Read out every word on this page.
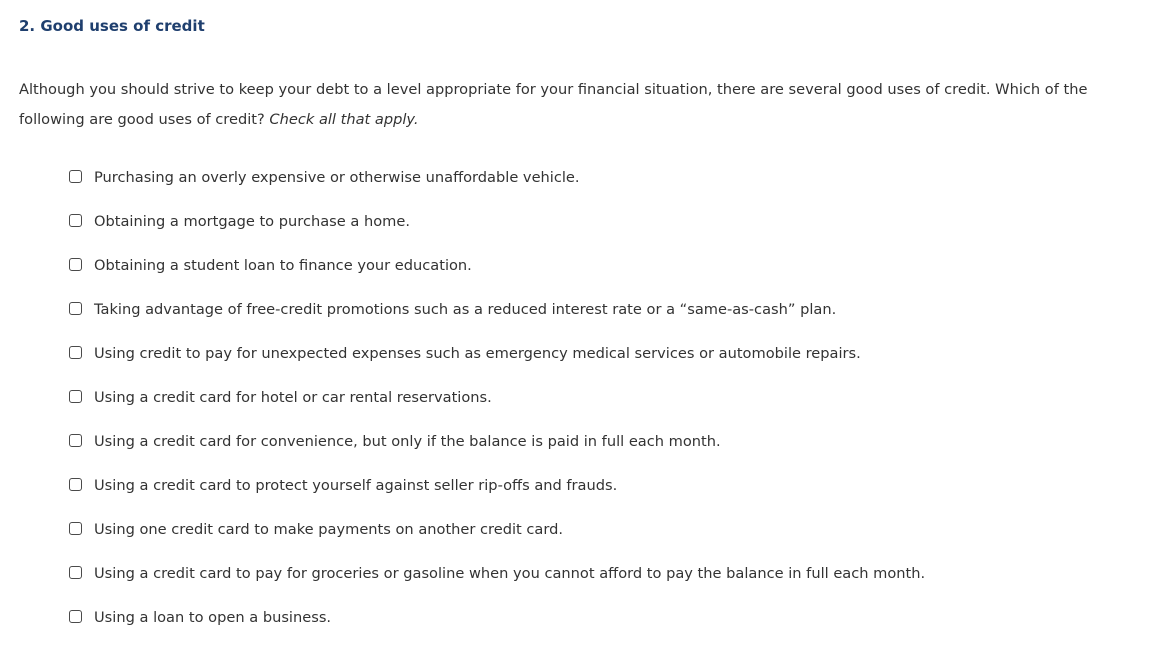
2. Good uses of credit

Although you should strive to keep your debt to a level appropriate for your financial situation, there are several good uses of credit. Which of the following are good uses of credit? Check all that apply.

Purchasing an overly expensive or otherwise unaffordable vehicle.
Obtaining a mortgage to purchase a home.
Obtaining a student loan to finance your education.
Taking advantage of free-credit promotions such as a reduced interest rate or a “same-as-cash” plan.
Using credit to pay for unexpected expenses such as emergency medical services or automobile repairs.
Using a credit card for hotel or car rental reservations.
Using a credit card for convenience, but only if the balance is paid in full each month.
Using a credit card to protect yourself against seller rip-offs and frauds.
Using one credit card to make payments on another credit card.
Using a credit card to pay for groceries or gasoline when you cannot afford to pay the balance in full each month.
Using a loan to open a business.
